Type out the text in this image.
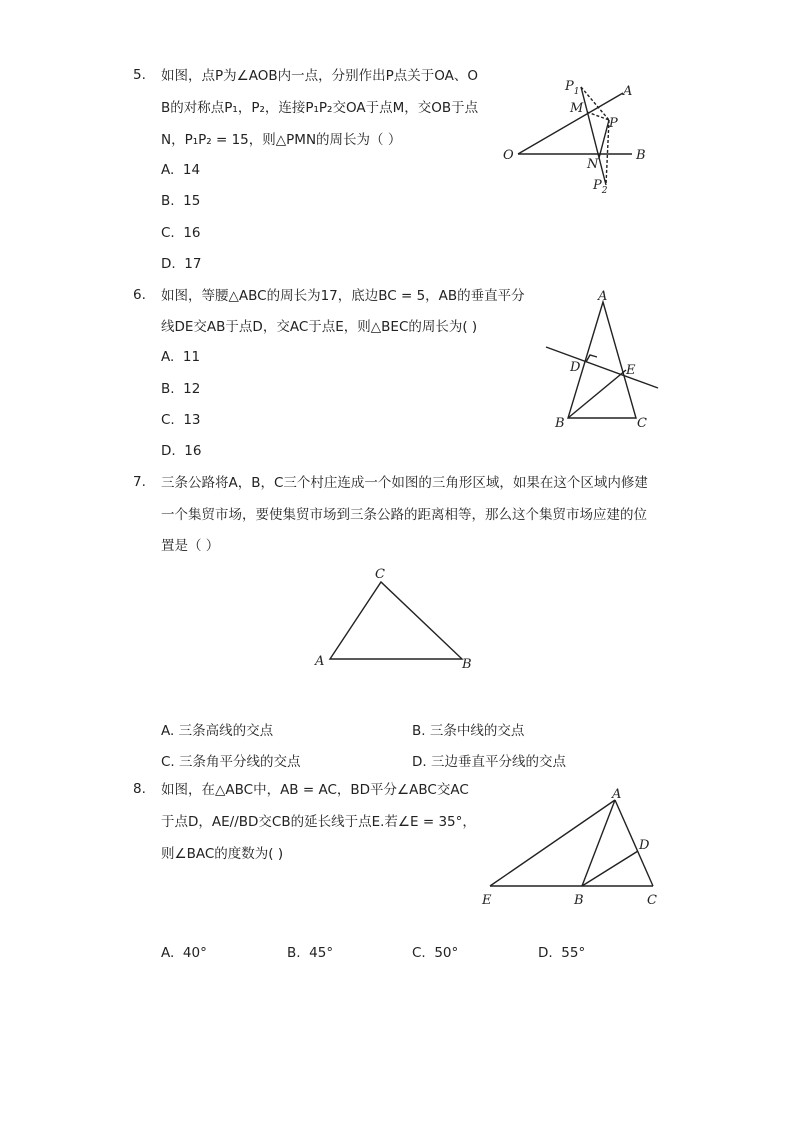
5. 如图，点P为∠AOB内一点，分别作出P点关于OA、O
B的对称点P₁，P₂，连接P₁P₂交OA于点M，交OB于点
N，P₁P₂ = 15，则△PMN的周长为（ ）
A. 14
B. 15
C. 16
D. 17
$P_1$	A
M
P
O
N
B
$P_2$
6. 如图，等腰△ABC的周长为17，底边BC = 5，AB的垂直平分
线DE交AB于点D，交AC于点E，则△BEC的周长为( )
A. 11
B. 12
C. 13
D. 16
A
D	E
B	C
7. 三条公路将A，B，C三个村庄连成一个如图的三角形区域，如果在这个区域内修建
一个集贸市场，要使集贸市场到三条公路的距离相等，那么这个集贸市场应建的位
置是（ ）
C
A	B
A. 三条高线的交点	B. 三条中线的交点
C. 三条角平分线的交点	D. 三边垂直平分线的交点
8. 如图，在△ABC中，AB = AC，BD平分∠ABC交AC
于点D，AE//BD交CB的延长线于点E.若∠E = 35°，
则∠BAC的度数为( )
A
D
E	B	C
A. 40°	B. 45°	C. 50°	D. 55°
